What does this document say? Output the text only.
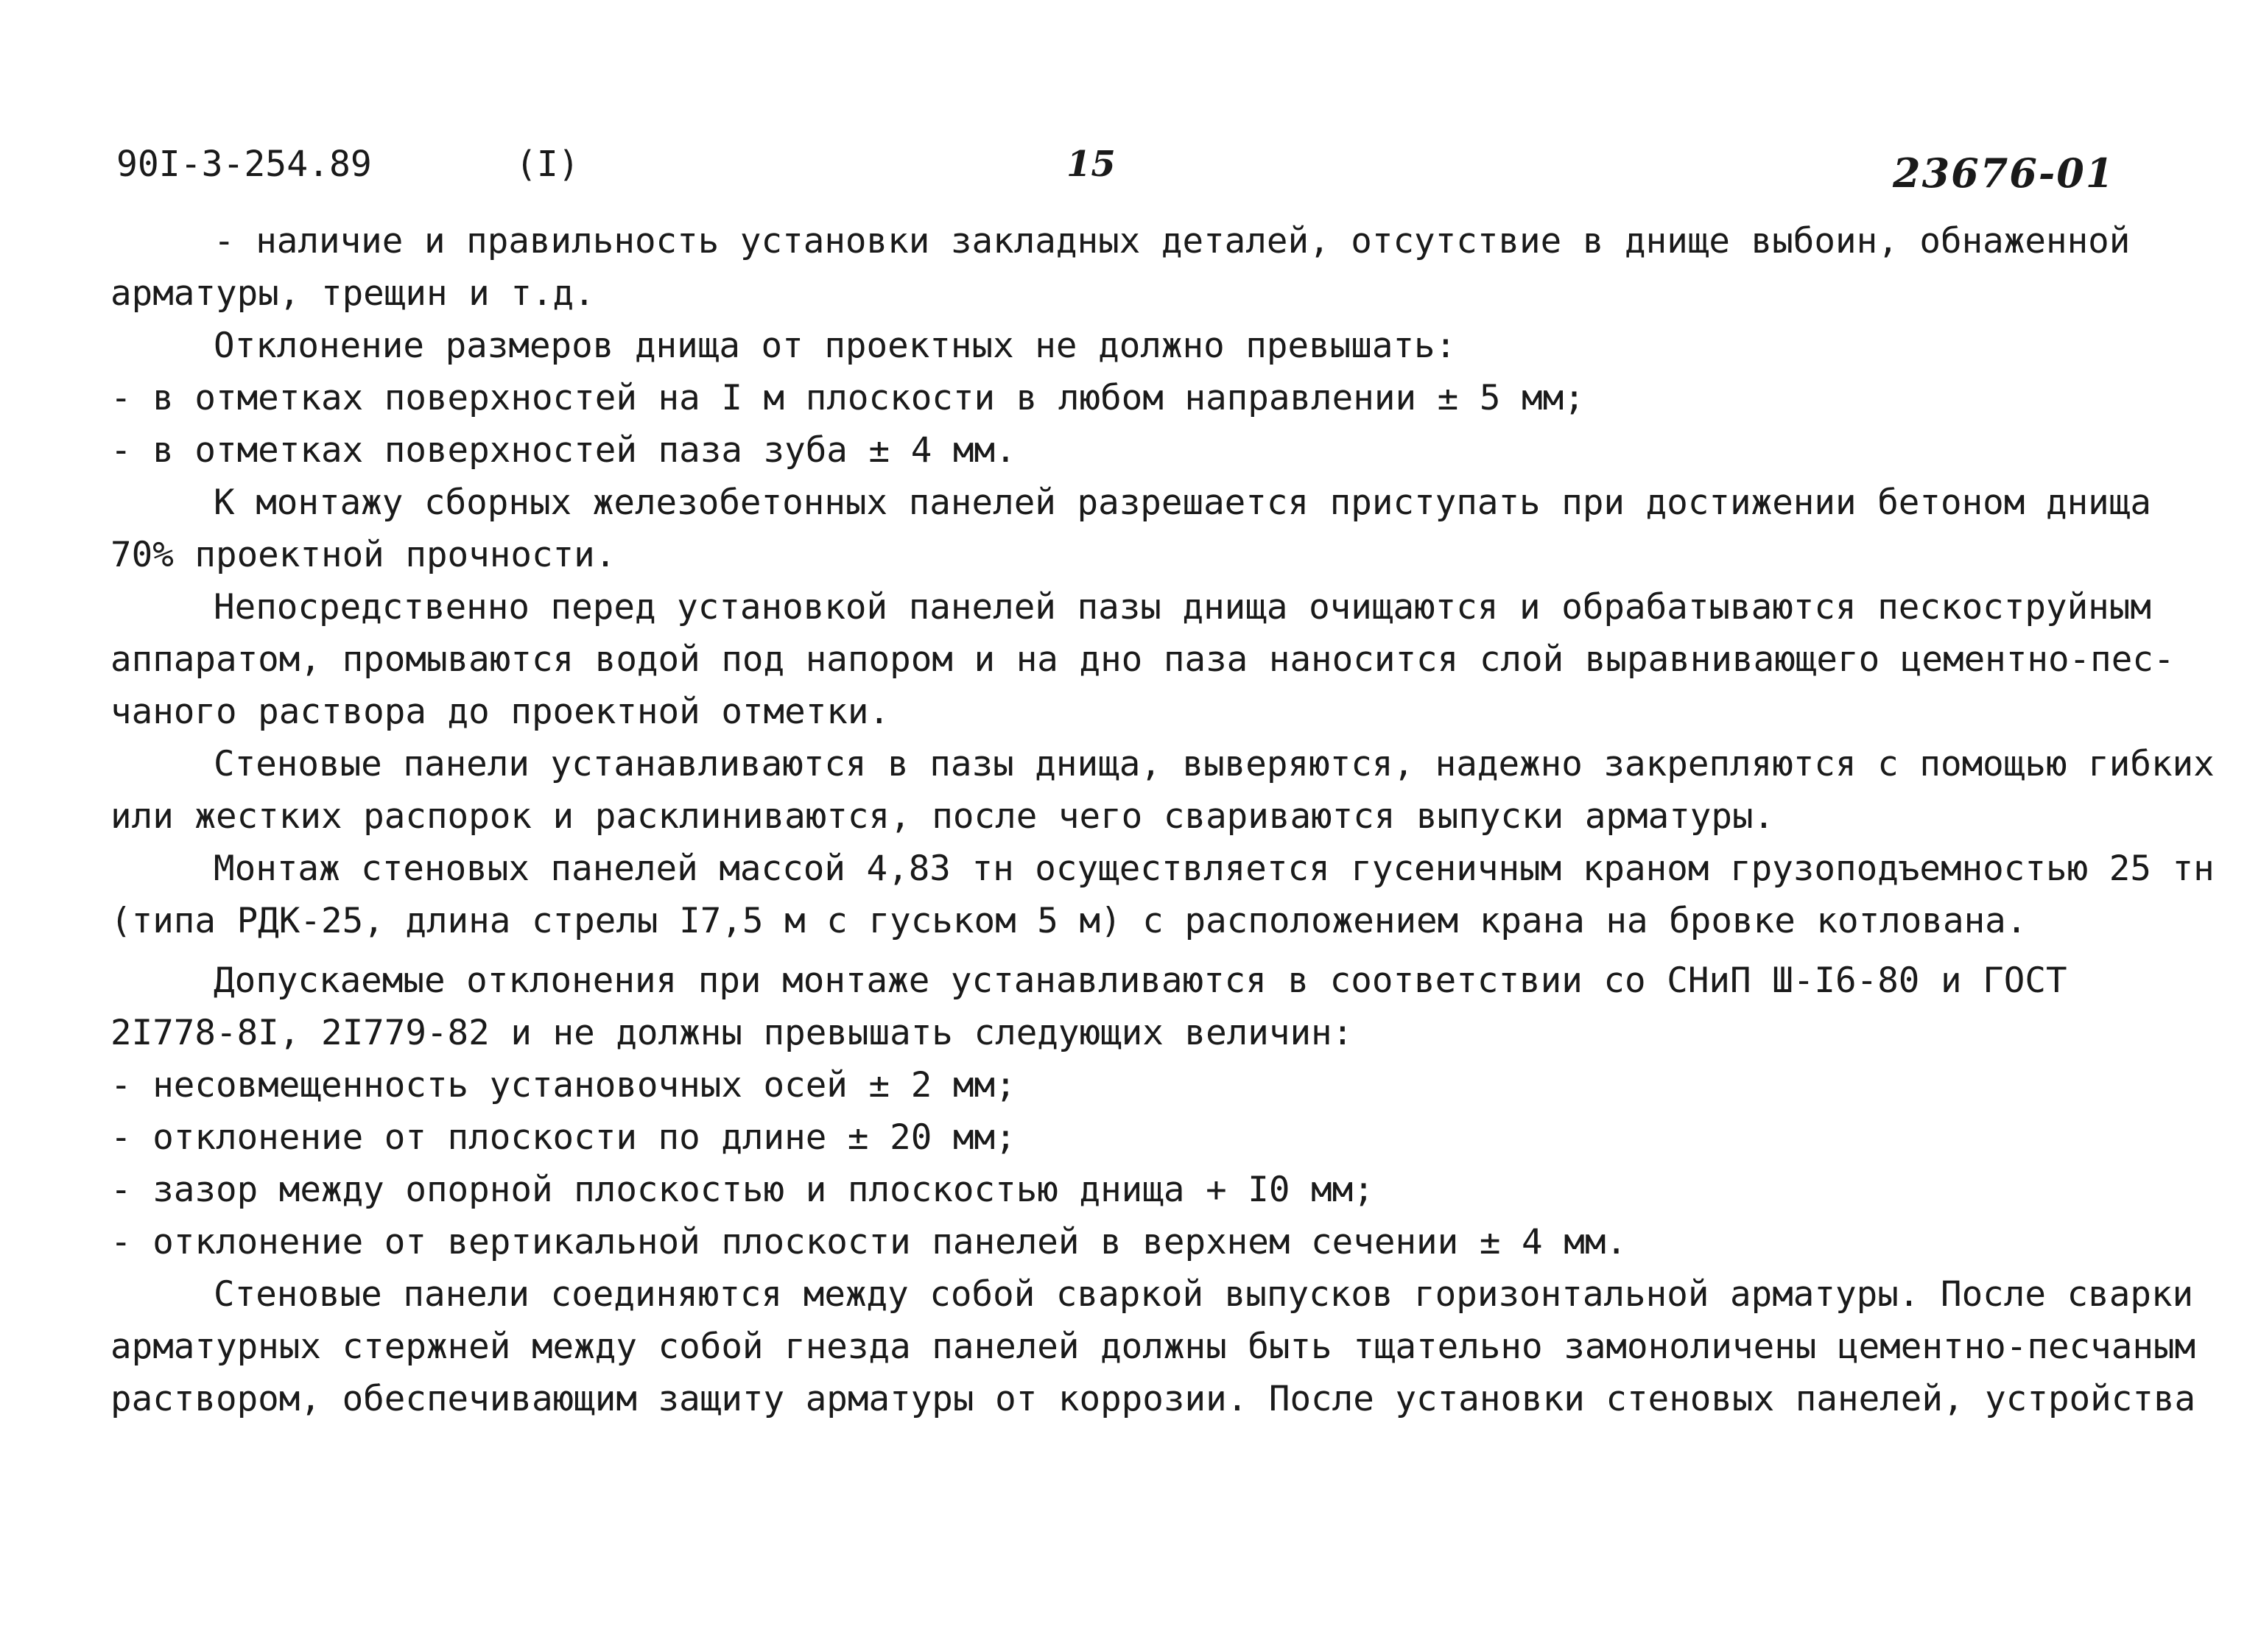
90I-3-254.89	(I)	15	23676-01
- наличие и правильность установки закладных деталей, отсутствие в днище выбоин, обнаженной
арматуры, трещин и т.д.
Отклонение размеров днища от проектных не должно превышать:
- в отметках поверхностей на I м плоскости в любом направлении ± 5 мм;
- в отметках поверхностей паза зуба ± 4 мм.
К монтажу сборных железобетонных панелей разрешается приступать при достижении бетоном днища
70% проектной прочности.
Непосредственно перед установкой панелей пазы днища очищаются и обрабатываются пескоструйным
аппаратом, промываются водой под напором и на дно паза наносится слой выравнивающего цементно-пес-
чаного раствора до проектной отметки.
Стеновые панели устанавливаются в пазы днища, выверяются, надежно закрепляются с помощью гибких
или жестких распорок и расклиниваются, после чего свариваются выпуски арматуры.
Монтаж стеновых панелей массой 4,83 тн осуществляется гусеничным краном грузоподъемностью 25 тн
(типа РДК-25, длина стрелы I7,5 м с гуськом 5 м) с расположением крана на бровке котлована.
Допускаемые отклонения при монтаже устанавливаются в соответствии со СНиП Ш-I6-80 и ГОСТ
2I778-8I, 2I779-82 и не должны превышать следующих величин:
- несовмещенность установочных осей ± 2 мм;
- отклонение от плоскости по длине ± 20 мм;
- зазор между опорной плоскостью и плоскостью днища + I0 мм;
- отклонение от вертикальной плоскости панелей в верхнем сечении ± 4 мм.
Стеновые панели соединяются между собой сваркой выпусков горизонтальной арматуры. После сварки
арматурных стержней между собой гнезда панелей должны быть тщательно замоноличены цементно-песчаным
раствором, обеспечивающим защиту арматуры от коррозии. После установки стеновых панелей, устройства
